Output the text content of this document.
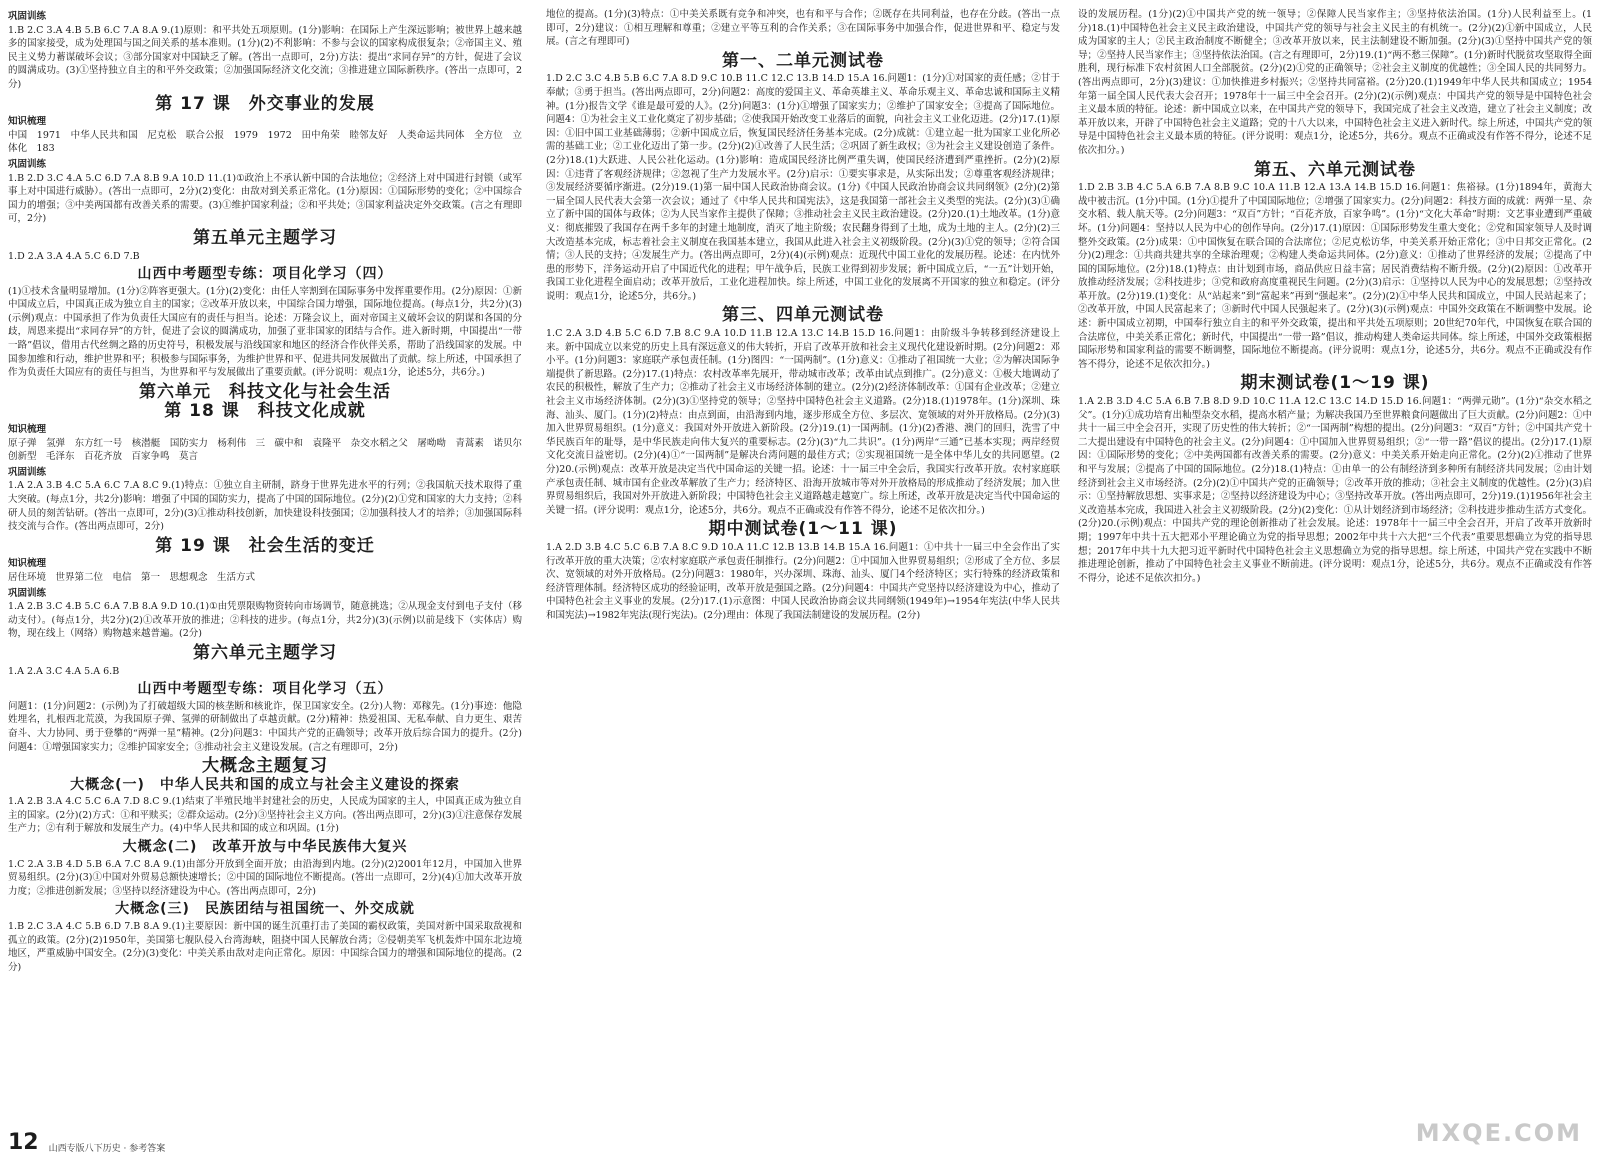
巩固训练

1.B 2.C 3.A 4.B 5.B 6.C 7.A 8.A 9.(1)原则：和平共处五项原则。(1分)影响：在国际上产生深远影响；被世界上越来越多的国家接受，成为处理国与国之间关系的基本准则。(1分)(2)不利影响：不参与会议的国家构成很复杂；②帝国主义、殖民主义势力蓄谋破坏会议；③部分国家对中国缺乏了解。(答出一点即可，2分)方法：提出“求同存异”的方针，促进了会议的圆满成功。(3)①坚持独立自主的和平外交政策；②加强国际经济文化交流；③推进建立国际新秩序。(答出一点即可，2分)

第 17 课　外交事业的发展
知识梳理

中国　1971　中华人民共和国　尼克松　联合公报　1979　1972　田中角荣　睦邻友好　人类命运共同体　全方位　立体化　183

巩固训练

1.B 2.D 3.C 4.A 5.C 6.D 7.A 8.B 9.A 10.D 11.(1)①政治上不承认新中国的合法地位；②经济上对中国进行封锁（或军事上对中国进行威胁）。(答出一点即可，2分)(2)变化：由敌对到关系正常化。(1分)原因：①国际形势的变化；②中国综合国力的增强；③中美两国都有改善关系的需要。(3)①维护国家利益；②和平共处；③国家利益决定外交政策。(言之有理即可，2分)

第五单元主题学习

1.D 2.A 3.A 4.A 5.C 6.D 7.B

山西中考题型专练：项目化学习（四）

(1)①技术含量明显增加。(1分)②阵容更强大。(1分)(2)变化：由任人宰割到在国际事务中发挥重要作用。(2分)原因：①新中国成立后，中国真正成为独立自主的国家；②改革开放以来，中国综合国力增强，国际地位提高。(每点1分，共2分)(3)(示例)观点：中国承担了作为负责任大国应有的责任与担当。论述：万隆会议上，面对帝国主义破坏会议的阴谋和各国的分歧，周恩来提出“求同存异”的方针，促进了会议的圆满成功，加强了亚非国家的团结与合作。进入新时期，中国提出“一带一路”倡议，借用古代丝绸之路的历史符号，积极发展与沿线国家和地区的经济合作伙伴关系，帮助了沿线国家的发展。中国参加维和行动，维护世界和平；积极参与国际事务，为维护世界和平、促进共同发展做出了贡献。综上所述，中国承担了作为负责任大国应有的责任与担当，为世界和平与发展做出了重要贡献。(评分说明：观点1分，论述5分，共6分。)

第六单元　科技文化与社会生活
第 18 课　科技文化成就
知识梳理

原子弹　氢弹　东方红一号　核潜艇　国防实力　杨利伟　三　碳中和　袁隆平　杂交水稻之父　屠呦呦　青蒿素　诺贝尔　创新型　毛泽东　百花齐放　百家争鸣　莫言

巩固训练

1.A 2.A 3.B 4.C 5.A 6.C 7.A 8.C 9.(1)特点：①独立自主研制，跻身于世界先进水平的行列；②我国航天技术取得了重大突破。(每点1分，共2分)影响：增强了中国的国防实力，提高了中国的国际地位。(2分)(2)①党和国家的大力支持；②科研人员的刻苦钻研。(答出一点即可，2分)(3)①推动科技创新，加快建设科技强国；②加强科技人才的培养；③加强国际科技交流与合作。(答出两点即可，2分)

第 19 课　社会生活的变迁
知识梳理

居住环境　世界第二位　电信　第一　思想观念　生活方式

巩固训练

1.A 2.B 3.C 4.B 5.C 6.A 7.B 8.A 9.D 10.(1)①由凭票限购物资转向市场调节，随意挑选；②从现金支付到电子支付（移动支付）。(每点1分，共2分)(2)①改革开放的推进；②科技的进步。(每点1分，共2分)(3)(示例)以前是线下（实体店）购物，现在线上（网络）购物越来越普遍。(2分)

第六单元主题学习

1.A 2.A 3.C 4.A 5.A 6.B

山西中考题型专练：项目化学习（五）

问题1：(1分)问题2：(示例)为了打破超级大国的核垄断和核讹诈，保卫国家安全。(2分)人物：邓稼先。(1分)事迹：他隐姓埋名，扎根西北荒漠，为我国原子弹、氢弹的研制做出了卓越贡献。(2分)精神：热爱祖国、无私奉献、自力更生、艰苦奋斗、大力协同、勇于登攀的“两弹一星”精神。(2分)问题3：中国共产党的正确领导；改革开放后综合国力的提升。(2分)问题4：①增强国家实力；②维护国家安全；③推动社会主义建设发展。(言之有理即可，2分)

大概念主题复习
大概念(一)　中华人民共和国的成立与社会主义建设的探索

1.A 2.B 3.A 4.C 5.C 6.A 7.D 8.C 9.(1)结束了半殖民地半封建社会的历史，人民成为国家的主人，中国真正成为独立自主的国家。(2分)(2)方式：①和平赎买；②群众运动。(2分)③坚持社会主义方向。(答出两点即可，2分)(3)①注意保存发展生产力；②有利于解放和发展生产力。(4)中华人民共和国的成立和巩固。(1分)

大概念(二)　改革开放与中华民族伟大复兴

1.C 2.A 3.B 4.D 5.B 6.A 7.C 8.A 9.(1)由部分开放到全面开放；由沿海到内地。(2分)(2)2001年12月，中国加入世界贸易组织。(2分)(3)①中国对外贸易总额快速增长；②中国的国际地位不断提高。(答出一点即可，2分)(4)①加大改革开放力度；②推进创新发展；③坚持以经济建设为中心。(答出两点即可，2分)

大概念(三)　民族团结与祖国统一、外交成就

1.B 2.C 3.A 4.C 5.B 6.D 7.B 8.A 9.(1)主要原因：新中国的诞生沉重打击了美国的霸权政策，美国对新中国采取敌视和孤立的政策。(2分)(2)1950年，美国第七舰队侵入台湾海峡，阻挠中国人民解放台湾；②侵朝美军飞机轰炸中国东北边境地区，严重威胁中国安全。(2分)(3)变化：中美关系由敌对走向正常化。原因：中国综合国力的增强和国际地位的提高。(2分)

地位的提高。(1分)(3)特点：①中美关系既有竞争和冲突，也有和平与合作；②既存在共同利益，也存在分歧。(答出一点即可，2分)建议：①相互理解和尊重；②建立平等互利的合作关系；③在国际事务中加强合作，促进世界和平、稳定与发展。(言之有理即可)

第一、二单元测试卷

1.D 2.C 3.C 4.B 5.B 6.C 7.A 8.D 9.C 10.B 11.C 12.C 13.B 14.D 15.A 16.问题1：(1分)①对国家的责任感；②甘于奉献；③勇于担当。(答出两点即可，2分)问题2：高度的爱国主义、革命英雄主义、革命乐观主义、革命忠诚和国际主义精神。(1分)报告文学《谁是最可爱的人》。(2分)问题3：(1分)①增强了国家实力；②维护了国家安全；③提高了国际地位。问题4：①为社会主义工业化奠定了初步基础；②使我国开始改变工业落后的面貌，向社会主义工业化迈进。(2分)17.(1)原因：①旧中国工业基础薄弱；②新中国成立后，恢复国民经济任务基本完成。(2分)成就：①建立起一批为国家工业化所必需的基础工业；②工业化迈出了第一步。(2分)(2)①改善了人民生活；②巩固了新生政权；③为社会主义建设创造了条件。(2分)18.(1)大跃进、人民公社化运动。(1分)影响：造成国民经济比例严重失调，使国民经济遭到严重挫折。(2分)(2)原因：①违背了客观经济规律；②忽视了生产力发展水平。(2分)启示：①要实事求是，从实际出发；②尊重客观经济规律；③发展经济要循序渐进。(2分)19.(1)第一届中国人民政治协商会议。(1分)《中国人民政治协商会议共同纲领》(2分)(2)第一届全国人民代表大会第一次会议；通过了《中华人民共和国宪法》，这是我国第一部社会主义类型的宪法。(2分)(3)①确立了新中国的国体与政体；②为人民当家作主提供了保障；③推动社会主义民主政治建设。(2分)20.(1)土地改革。(1分)意义：彻底摧毁了我国存在两千多年的封建土地制度，消灭了地主阶级；农民翻身得到了土地，成为土地的主人。(2分)(2)三大改造基本完成，标志着社会主义制度在我国基本建立，我国从此进入社会主义初级阶段。(2分)(3)①党的领导；②符合国情；③人民的支持；④发展生产力。(答出两点即可，2分)(4)(示例)观点：近现代中国工业化的发展历程。论述：在内忧外患的形势下，洋务运动开启了中国近代化的进程；甲午战争后，民族工业得到初步发展；新中国成立后，“一五”计划开始，我国工业化进程全面启动；改革开放后，工业化进程加快。综上所述，中国工业化的发展离不开国家的独立和稳定。(评分说明：观点1分，论述5分，共6分。)

第三、四单元测试卷

1.C 2.A 3.D 4.B 5.C 6.D 7.B 8.C 9.A 10.D 11.B 12.A 13.C 14.B 15.D 16.问题1：由阶级斗争转移到经济建设上来。新中国成立以来党的历史上具有深远意义的伟大转折，开启了改革开放和社会主义现代化建设新时期。(2分)问题2：邓小平。(1分)问题3：家庭联产承包责任制。(1分)图四：“一国两制”。(1分)意义：①推动了祖国统一大业；②为解决国际争端提供了新思路。(2分)17.(1)特点：农村改革率先展开，带动城市改革；改革由试点到推广。(2分)意义：①极大地调动了农民的积极性，解放了生产力；②推动了社会主义市场经济体制的建立。(2分)(2)经济体制改革：①国有企业改革；②建立社会主义市场经济体制。(2分)(3)①坚持党的领导；②坚持中国特色社会主义道路。(2分)18.(1)1978年。(1分)深圳、珠海、汕头、厦门。(1分)(2)特点：由点到面，由沿海到内地，逐步形成全方位、多层次、宽领域的对外开放格局。(2分)(3)加入世界贸易组织。(1分)意义：我国对外开放进入新阶段。(2分)19.(1)一国两制。(1分)(2)香港、澳门的回归，洗雪了中华民族百年的耻辱，是中华民族走向伟大复兴的重要标志。(2分)(3)“九二共识”。(1分)两岸“三通”已基本实现；两岸经贸文化交流日益密切。(2分)(4)①“一国两制”是解决台湾问题的最佳方式；②实现祖国统一是全体中华儿女的共同愿望。(2分)20.(示例)观点：改革开放是决定当代中国命运的关键一招。论述：十一届三中全会后，我国实行改革开放。农村家庭联产承包责任制、城市国有企业改革解放了生产力；经济特区、沿海开放城市等对外开放格局的形成推动了经济发展；加入世界贸易组织后，我国对外开放进入新阶段；中国特色社会主义道路越走越宽广。综上所述，改革开放是决定当代中国命运的关键一招。(评分说明：观点1分，论述5分，共6分。观点不正确或没有作答不得分，论述不足依次扣分。)

期中测试卷(1～11 课)

1.A 2.D 3.B 4.C 5.C 6.B 7.A 8.C 9.D 10.A 11.C 12.B 13.B 14.B 15.A 16.问题1：①中共十一届三中全会作出了实行改革开放的重大决策；②农村家庭联产承包责任制推行。(2分)问题2：①中国加入世界贸易组织；②形成了全方位、多层次、宽领域的对外开放格局。(2分)问题3：1980年，兴办深圳、珠海、汕头、厦门4个经济特区；实行特殊的经济政策和经济管理体制。经济特区成功的经验证明，改革开放是强国之路。(2分)问题4：中国共产党坚持以经济建设为中心，推动了中国特色社会主义事业的发展。(2分)17.(1)示意图：中国人民政治协商会议共同纲领(1949年)→1954年宪法(中华人民共和国宪法)→1982年宪法(现行宪法)。(2分)理由：体现了我国法制建设的发展历程。(2分)

设的发展历程。(1分)(2)①中国共产党的统一领导；②保障人民当家作主；③坚持依法治国。(1分)人民利益至上。(1分)18.(1)中国特色社会主义民主政治建设，中国共产党的领导与社会主义民主的有机统一。(2分)(2)①新中国成立，人民成为国家的主人；②民主政治制度不断健全；③改革开放以来，民主法制建设不断加强。(2分)(3)①坚持中国共产党的领导；②坚持人民当家作主；③坚持依法治国。(言之有理即可，2分)19.(1)“两不愁三保障”。(1分)新时代脱贫攻坚取得全面胜利，现行标准下农村贫困人口全部脱贫。(2分)(2)①党的正确领导；②社会主义制度的优越性；③全国人民的共同努力。(答出两点即可，2分)(3)建议：①加快推进乡村振兴；②坚持共同富裕。(2分)20.(1)1949年中华人民共和国成立；1954年第一届全国人民代表大会召开；1978年十一届三中全会召开。(2分)(2)(示例)观点：中国共产党的领导是中国特色社会主义最本质的特征。论述：新中国成立以来，在中国共产党的领导下，我国完成了社会主义改造，建立了社会主义制度；改革开放以来，开辟了中国特色社会主义道路；党的十八大以来，中国特色社会主义进入新时代。综上所述，中国共产党的领导是中国特色社会主义最本质的特征。(评分说明：观点1分，论述5分，共6分。观点不正确或没有作答不得分，论述不足依次扣分。)

第五、六单元测试卷

1.D 2.B 3.B 4.C 5.A 6.B 7.A 8.B 9.C 10.A 11.B 12.A 13.A 14.B 15.D 16.问题1：焦裕禄。(1分)1894年，黄海大战中被击沉。(1分)中国。(1分)①提升了中国国际地位；②增强了国家实力。(2分)问题2：科技方面的成就：两弹一星、杂交水稻、载人航天等。(2分)问题3：“双百”方针；“百花齐放，百家争鸣”。(1分)“文化大革命”时期：文艺事业遭到严重破坏。(1分)问题4：坚持以人民为中心的创作导向。(2分)17.(1)原因：①国际形势发生重大变化；②党和国家领导人及时调整外交政策。(2分)成果：①中国恢复在联合国的合法席位；②尼克松访华，中美关系开始正常化；③中日邦交正常化。(2分)(2)理念：①共商共建共享的全球治理观；②构建人类命运共同体。(2分)意义：①推动了世界经济的发展；②提高了中国的国际地位。(2分)18.(1)特点：由计划到市场，商品供应日益丰富；居民消费结构不断升级。(2分)(2)原因：①改革开放推动经济发展；②科技进步；③党和政府高度重视民生问题。(2分)(3)启示：①坚持以人民为中心的发展思想；②坚持改革开放。(2分)19.(1)变化：从“站起来”到“富起来”再到“强起来”。(2分)(2)①中华人民共和国成立，中国人民站起来了；②改革开放，中国人民富起来了；③新时代中国人民强起来了。(2分)(3)(示例)观点：中国外交政策在不断调整中发展。论述：新中国成立初期，中国奉行独立自主的和平外交政策，提出和平共处五项原则；20世纪70年代，中国恢复在联合国的合法席位，中美关系正常化；新时代，中国提出“一带一路”倡议，推动构建人类命运共同体。综上所述，中国外交政策根据国际形势和国家利益的需要不断调整，国际地位不断提高。(评分说明：观点1分，论述5分，共6分。观点不正确或没有作答不得分，论述不足依次扣分。)

期末测试卷(1～19 课)

1.A 2.B 3.D 4.C 5.A 6.B 7.B 8.D 9.D 10.C 11.A 12.C 13.C 14.D 15.D 16.问题1：“两弹元勋”。(1分)“杂交水稻之父”。(1分)①成功培育出籼型杂交水稻，提高水稻产量；为解决我国乃至世界粮食问题做出了巨大贡献。(2分)问题2：①中共十一届三中全会召开，实现了历史性的伟大转折；②“一国两制”构想的提出。(2分)问题3：“双百”方针；②中国共产党十二大提出建设有中国特色的社会主义。(2分)问题4：①中国加入世界贸易组织；②“一带一路”倡议的提出。(2分)17.(1)原因：①国际形势的变化；②中美两国都有改善关系的需要。(2分)意义：中美关系开始走向正常化。(2分)(2)①推动了世界和平与发展；②提高了中国的国际地位。(2分)18.(1)特点：①由单一的公有制经济到多种所有制经济共同发展；②由计划经济到社会主义市场经济。(2分)(2)①中国共产党的正确领导；②改革开放的推动；③社会主义制度的优越性。(2分)(3)启示：①坚持解放思想、实事求是；②坚持以经济建设为中心；③坚持改革开放。(答出两点即可，2分)19.(1)1956年社会主义改造基本完成，我国进入社会主义初级阶段。(2分)(2)变化：①从计划经济到市场经济；②科技进步推动生活方式变化。(2分)20.(示例)观点：中国共产党的理论创新推动了社会发展。论述：1978年十一届三中全会召开，开启了改革开放新时期；1997年中共十五大把邓小平理论确立为党的指导思想；2002年中共十六大把“三个代表”重要思想确立为党的指导思想；2017年中共十九大把习近平新时代中国特色社会主义思想确立为党的指导思想。综上所述，中国共产党在实践中不断推进理论创新，推动了中国特色社会主义事业不断前进。(评分说明：观点1分，论述5分，共6分。观点不正确或没有作答不得分，论述不足依次扣分。)

12 山西专版八下历史 · 参考答案
MXQE.COM
